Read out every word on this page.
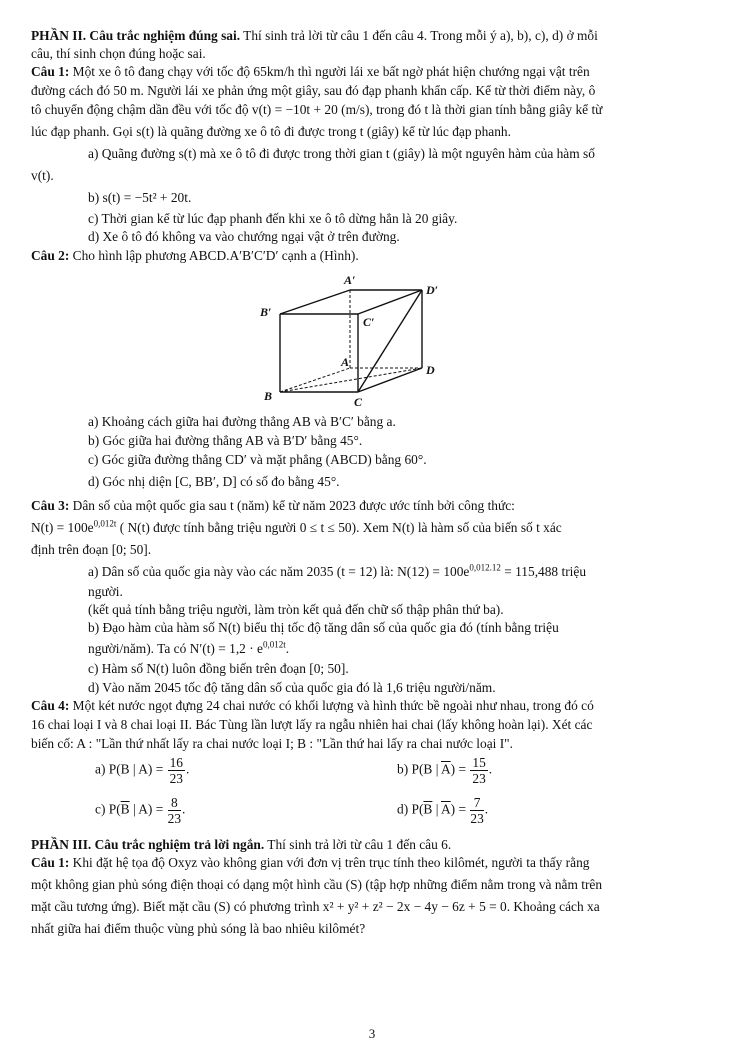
PHẦN II. Câu trắc nghiệm đúng sai. Thí sinh trả lời từ câu 1 đến câu 4. Trong mỗi ý a), b), c), d) ở mỗi
câu, thí sinh chọn đúng hoặc sai.
Câu 1: Một xe ô tô đang chạy với tốc độ 65km/h thì người lái xe bất ngờ phát hiện chướng ngại vật trên
đường cách đó 50 m. Người lái xe phản ứng một giây, sau đó đạp phanh khẩn cấp. Kể từ thời điểm này, ô
tô chuyển động chậm dần đều với tốc độ v(t) = −10t + 20 (m/s), trong đó t là thời gian tính bằng giây kể từ
lúc đạp phanh. Gọi s(t) là quãng đường xe ô tô đi được trong t (giây) kể từ lúc đạp phanh.
a) Quãng đường s(t) mà xe ô tô đi được trong thời gian t (giây) là một nguyên hàm của hàm số
v(t).
b) s(t) = −5t² + 20t.
c) Thời gian kể từ lúc đạp phanh đến khi xe ô tô dừng hẳn là 20 giây.
d) Xe ô tô đó không va vào chướng ngại vật ở trên đường.
Câu 2: Cho hình lập phương ABCD.A′B′C′D′ cạnh a (Hình).
A′
D′
B′
C′
A
D
B	C
a) Khoảng cách giữa hai đường thẳng AB và B′C′ bằng a.
b) Góc giữa hai đường thẳng AB và B′D′ bằng 45°.
c) Góc giữa đường thẳng CD′ và mặt phẳng (ABCD) bằng 60°.
d) Góc nhị diện [C, BB′, D] có số đo bằng 45°.
Câu 3: Dân số của một quốc gia sau t (năm) kể từ năm 2023 được ước tính bởi công thức:
$N(t) = 100e^{0,012t}$ ( N(t) được tính bằng triệu người 0 ≤ t ≤ 50). Xem N(t) là hàm số của biến số t xác
định trên đoạn [0; 50].
a) Dân số của quốc gia này vào các năm 2035 (t = 12) là: $N(12) = 100e^{0,012.12} = 115,488$ triệu
người.
(kết quả tính bằng triệu người, làm tròn kết quả đến chữ số thập phân thứ ba).
b) Đạo hàm của hàm số N(t) biểu thị tốc độ tăng dân số của quốc gia đó (tính bằng triệu
người/năm). Ta có $N'(t) = 1,2 \cdot e^{0,012t}$.
c) Hàm số N(t) luôn đồng biến trên đoạn [0; 50].
d) Vào năm 2045 tốc độ tăng dân số của quốc gia đó là 1,6 triệu người/năm.
Câu 4: Một két nước ngọt đựng 24 chai nước có khối lượng và hình thức bề ngoài như nhau, trong đó có
16 chai loại I và 8 chai loại II. Bác Tùng lần lượt lấy ra ngẫu nhiên hai chai (lấy không hoàn lại). Xét các
biến cố: A : "Lần thứ nhất lấy ra chai nước loại I; B : "Lần thứ hai lấy ra chai nước loại I".
a) P(B | $A) = \frac{16}{23}$ .	b) P(B | $\overline{A}) = \frac{15}{23}$ .
c) $P(\overline{B}$ | $A) = \frac{8}{23}$ .	d) $P(\overline{B}$ | $\overline{A}) = \frac{7}{23}$ .
PHẦN III. Câu trắc nghiệm trả lời ngắn. Thí sinh trả lời từ câu 1 đến câu 6.
Câu 1: Khi đặt hệ tọa độ Oxyz vào không gian với đơn vị trên trục tính theo kilômét, người ta thấy rằng
một không gian phủ sóng điện thoại có dạng một hình cầu (S) (tập hợp những điểm nằm trong và nằm trên
mặt cầu tương ứng). Biết mặt cầu (S) có phương trình x² + y² + z² − 2x − 4y − 6z + 5 = 0. Khoảng cách xa
nhất giữa hai điểm thuộc vùng phủ sóng là bao nhiêu kilômét?
3
